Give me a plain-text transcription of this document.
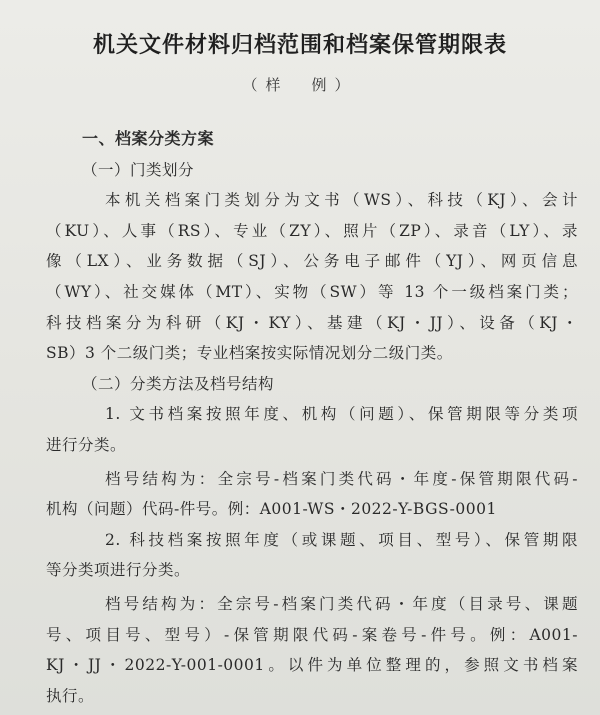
机关文件材料归档范围和档案保管期限表
（样　例）
一、档案分类方案
（一）门类划分
本机关档案门类划分为文书（WS）、科技（KJ）、会计
（KU）、人事（RS）、专业（ZY）、照片（ZP）、录音（LY）、录
像（LX）、业务数据（SJ）、公务电子邮件（YJ）、网页信息
（WY）、社交媒体（MT）、实物（SW）等 13 个一级档案门类；
科技档案分为科研（KJ・KY）、基建（KJ・JJ）、设备（KJ・
SB）3 个二级门类；专业档案按实际情况划分二级门类。
（二）分类方法及档号结构
1. 文书档案按照年度、机构（问题）、保管期限等分类项
进行分类。
档号结构为：全宗号-档案门类代码・年度-保管期限代码-
机构（问题）代码-件号。例：A001-WS・2022-Y-BGS-0001
2. 科技档案按照年度（或课题、项目、型号）、保管期限
等分类项进行分类。
档号结构为：全宗号-档案门类代码・年度（目录号、课题
号、项目号、型号）-保管期限代码-案卷号-件号。例：A001-
KJ・JJ・2022-Y-001-0001。以件为单位整理的，参照文书档案
执行。
